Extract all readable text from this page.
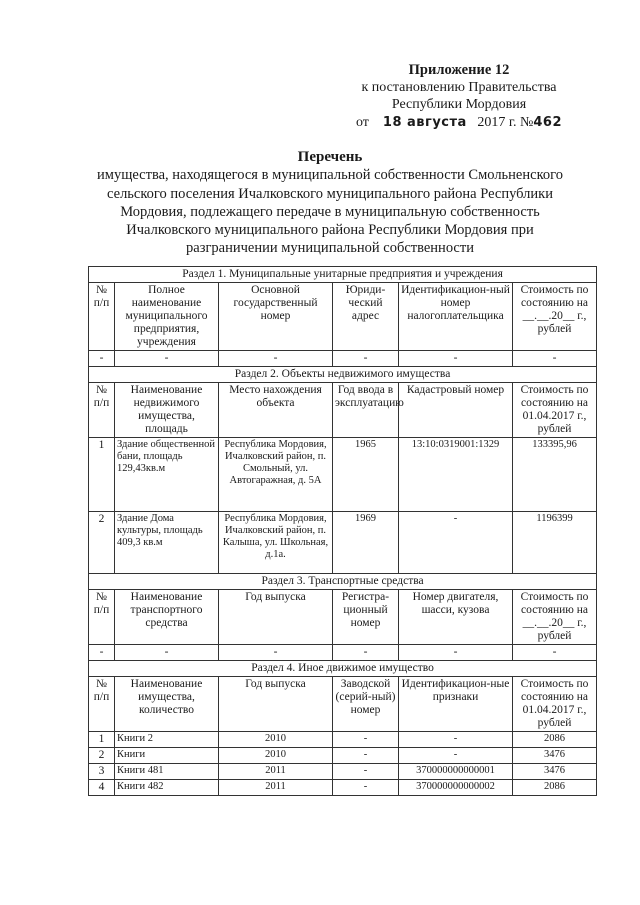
Приложение 12
к постановлению Правительства
Республики Мордовия
от 18 августа 2017 г. №462
Перечень
имущества, находящегося в муниципальной собственности Смольненского сельского поселения Ичалковского муниципального района Республики Мордовия, подлежащего передаче в муниципальную собственность Ичалковского муниципального района Республики Мордовия при разграничении муниципальной собственности
Раздел 1. Муниципальные унитарные предприятия и учреждения					
№ п/п	Полное наименование муниципального предприятия, учреждения	Основной государственный номер	Юриди-ческий адрес	Идентификацион-ный номер налогоплательщика	Стоимость по состоянию на __.__.20__ г., рублей
-	-	-	-	-	-
Раздел 2. Объекты недвижимого имущества					
№ п/п	Наименование недвижимого имущества, площадь	Место нахождения объекта	Год ввода в эксплуатацию	Кадастровый номер	Стоимость по состоянию на 01.04.2017 г., рублей
1	Здание общественной бани, площадь 129,43кв.м	Республика Мордовия, Ичалковский район, п. Смольный, ул. Автогаражная, д. 5А	1965	13:10:0319001:1329	133395,96
2	Здание Дома культуры, площадь 409,3 кв.м	Республика Мордовия, Ичалковский район, п. Калыша, ул. Школьная, д.1а.	1969	-	1196399
Раздел 3. Транспортные средства					
№ п/п	Наименование транспортного средства	Год выпуска	Регистра-ционный номер	Номер двигателя, шасси, кузова	Стоимость по состоянию на __.__.20__ г., рублей
-	-	-	-	-	-
Раздел 4. Иное движимое имущество					
№ п/п	Наименование имущества, количество	Год выпуска	Заводской (серий-ный) номер	Идентификацион-ные признаки	Стоимость по состоянию на 01.04.2017 г., рублей
1	Книги 2	2010	-	-	2086
2	Книги	2010	-	-	3476
3	Книги 481	2011	-	370000000000001	3476
4	Книги 482	2011	-	370000000000002	2086
